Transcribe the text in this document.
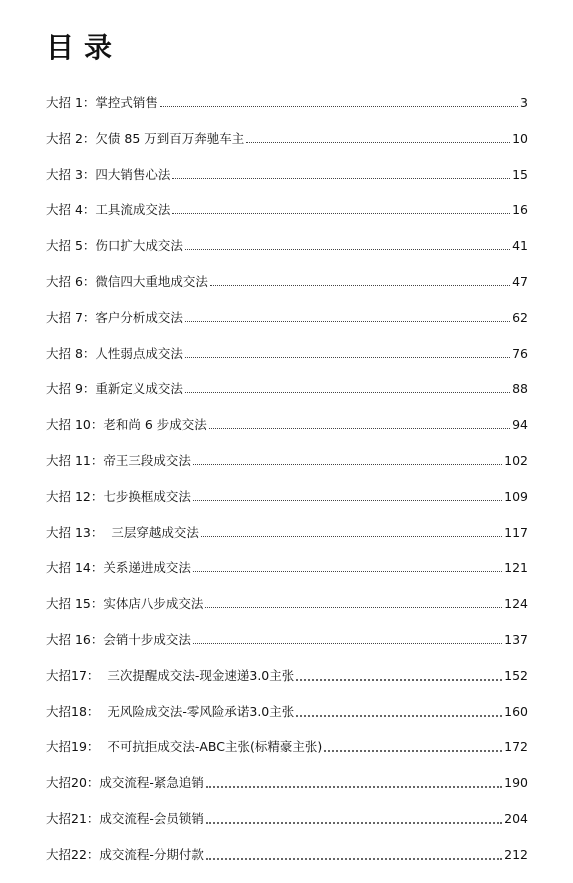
目录
大招 1：掌控式销售	3
大招 2：欠债 85 万到百万奔驰车主	10
大招 3：四大销售心法	15
大招 4：工具流成交法	16
大招 5：伤口扩大成交法	41
大招 6：微信四大重地成交法	47
大招 7：客户分析成交法	62
大招 8：人性弱点成交法	76
大招 9：重新定义成交法	88
大招 10：老和尚 6 步成交法	94
大招 11：帝王三段成交法	102
大招 12：七步换框成交法	109
大招 13：  三层穿越成交法	117
大招 14：关系递进成交法	121
大招 15：实体店八步成交法	124
大招 16：会销十步成交法	137
大招17：  三次提醒成交法-现金速递3.0主张	152
大招18：  无风险成交法-零风险承诺3.0主张	160
大招19：  不可抗拒成交法-ABC主张(标精豪主张)	172
大招20：成交流程-紧急追销	190
大招21：成交流程-会员锁销	204
大招22：成交流程-分期付款	212
